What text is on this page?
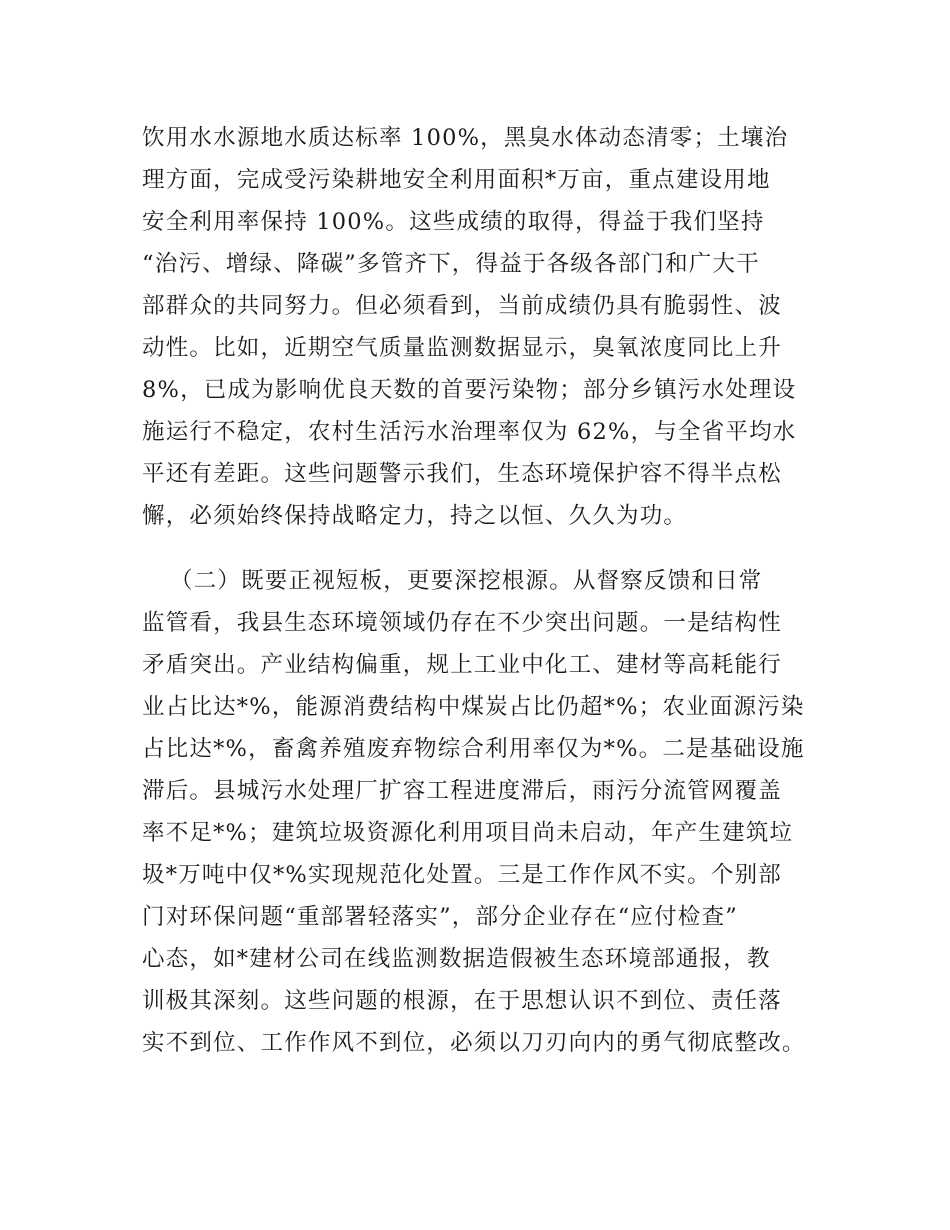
饮用水水源地水质达标率 100%，黑臭水体动态清零；土壤治
理方面，完成受污染耕地安全利用面积*万亩，重点建设用地
安全利用率保持 100%。这些成绩的取得，得益于我们坚持
“治污、增绿、降碳”多管齐下，得益于各级各部门和广大干
部群众的共同努力。但必须看到，当前成绩仍具有脆弱性、波
动性。比如，近期空气质量监测数据显示，臭氧浓度同比上升
8%，已成为影响优良天数的首要污染物；部分乡镇污水处理设
施运行不稳定，农村生活污水治理率仅为 62%，与全省平均水
平还有差距。这些问题警示我们，生态环境保护容不得半点松
懈，必须始终保持战略定力，持之以恒、久久为功。
（二）既要正视短板，更要深挖根源。从督察反馈和日常
监管看，我县生态环境领域仍存在不少突出问题。一是结构性
矛盾突出。产业结构偏重，规上工业中化工、建材等高耗能行
业占比达*%，能源消费结构中煤炭占比仍超*%；农业面源污染
占比达*%，畜禽养殖废弃物综合利用率仅为*%。二是基础设施
滞后。县城污水处理厂扩容工程进度滞后，雨污分流管网覆盖
率不足*%；建筑垃圾资源化利用项目尚未启动，年产生建筑垃
圾*万吨中仅*%实现规范化处置。三是工作作风不实。个别部
门对环保问题“重部署轻落实”，部分企业存在“应付检查”
心态，如*建材公司在线监测数据造假被生态环境部通报，教
训极其深刻。这些问题的根源，在于思想认识不到位、责任落
实不到位、工作作风不到位，必须以刀刃向内的勇气彻底整改。
